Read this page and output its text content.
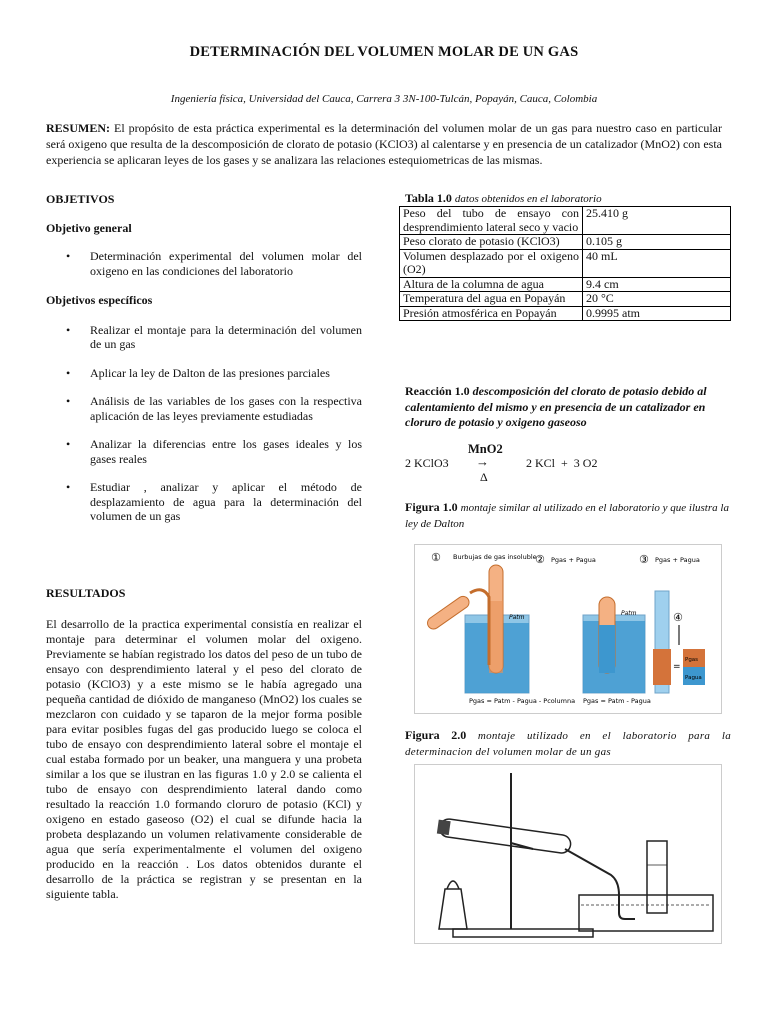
DETERMINACIÓN DEL VOLUMEN MOLAR DE UN GAS
Ingeniería física, Universidad del Cauca, Carrera 3 3N-100-Tulcán, Popayán, Cauca, Colombia
RESUMEN: El propósito de esta práctica experimental es la determinación del volumen molar de un gas para nuestro caso en particular será oxigeno que resulta de la descomposición de clorato de potasio (KClO3) al calentarse y en presencia de un catalizador (MnO2) con esta experiencia se aplicaran leyes de los gases y se analizara las relaciones estequiometricas de las mismas.
OBJETIVOS
Objetivo general
• Determinación experimental del volumen molar del oxigeno en las condiciones del laboratorio
Objetivos específicos
• Realizar el montaje para la determinación del volumen de un gas
• Aplicar la ley de Dalton de las presiones parciales
• Análisis de las variables de los gases con la respectiva aplicación de las leyes previamente estudiadas
• Analizar la diferencias entre los gases ideales y los gases reales
• Estudiar , analizar y aplicar el método de desplazamiento de agua para la determinación del volumen de un gas
RESULTADOS
El desarrollo de la practica experimental consistía en realizar el montaje para determinar el volumen molar del oxigeno. Previamente se habían registrado los datos del peso de un tubo de ensayo con desprendimiento lateral y el peso del clorato de potasio (KClO3) y a este mismo se le había agregado una pequeña cantidad de dióxido de manganeso (MnO2) los cuales se mezclaron con cuidado y se taparon de la mejor forma posible para evitar posibles fugas del gas producido luego se coloca el tubo de ensayo con desprendimiento lateral sobre el montaje el cual estaba formado por un beaker, una manguera y una probeta similar a los que se ilustran en las figuras 1.0 y 2.0 se calienta el tubo de ensayo con desprendimiento lateral dando como resultado la reacción 1.0 formando cloruro de potasio (KCl) y oxigeno en estado gaseoso (O2) el cual se difunde hacia la probeta desplazando un volumen relativamente considerable de agua que sería experimentalmente el volumen del oxigeno producido en la reacción . Los datos obtenidos durante el desarrollo de la práctica se registran y se presentan en la siguiente tabla.
Tabla 1.0 datos obtenidos en el laboratorio
Peso del tubo de ensayo con desprendimiento lateral seco y vacio	25.410 g
Peso clorato de potasio (KClO3)	0.105 g
Volumen desplazado por el oxigeno (O2)	40 mL
Altura de la columna de agua	9.4 cm
Temperatura del agua en Popayán	20 °C
Presión atmosférica en Popayán	0.9995 atm
Reacción 1.0 descomposición del clorato de potasio debido al calentamiento del mismo y en presencia de un catalizador en cloruro de potasio y oxigeno gaseoso
MnO2
2 KClO3 →
Δ
2 KCl  +  3 O2
Figura 1.0 montaje similar al utilizado en el laboratorio y que ilustra la ley de Dalton
① Burbujas de gas insoluble
② Pgas + Pagua	③ Pgas + Pagua
Patm
Patm	④
=
Pgas
Pagua
Pgas = Patm - Pagua - Pcolumna Pgas = Patm - Pagua
Figura 2.0 montaje utilizado en el laboratorio para la determinacion del volumen molar de un gas
